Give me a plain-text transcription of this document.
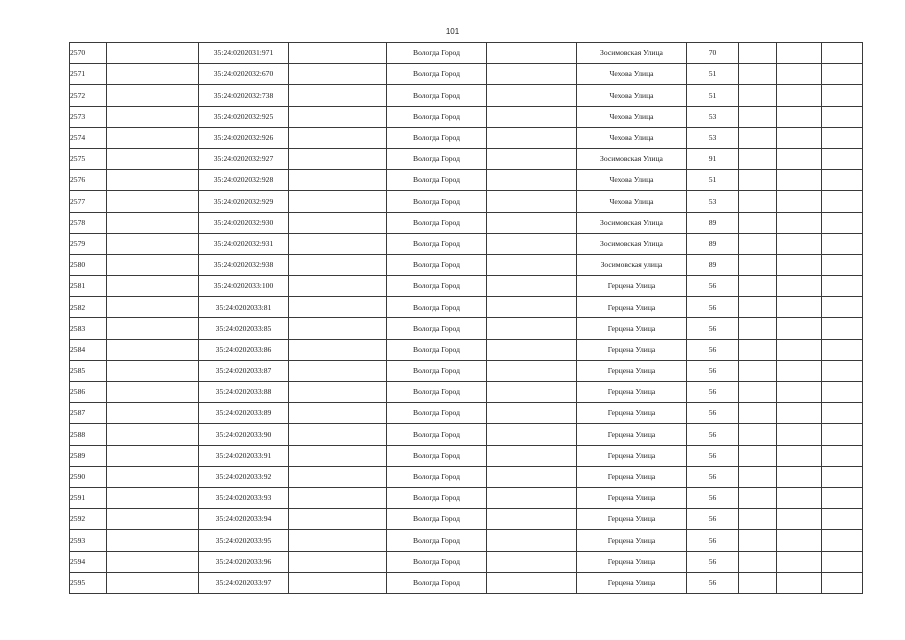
101
2570		35:24:0202031:971		Вологда Город		Зосимовская Улица	70			
2571		35:24:0202032:670		Вологда Город		Чехова Улица	51			
2572		35:24:0202032:738		Вологда Город		Чехова Улица	51			
2573		35:24:0202032:925		Вологда Город		Чехова Улица	53			
2574		35:24:0202032:926		Вологда Город		Чехова Улица	53			
2575		35:24:0202032:927		Вологда Город		Зосимовская Улица	91			
2576		35:24:0202032:928		Вологда Город		Чехова Улица	51			
2577		35:24:0202032:929		Вологда Город		Чехова Улица	53			
2578		35:24:0202032:930		Вологда Город		Зосимовская Улица	89			
2579		35:24:0202032:931		Вологда Город		Зосимовская Улица	89			
2580		35:24:0202032:938		Вологда Город		Зосимовская улица	89			
2581		35:24:0202033:100		Вологда Город		Герцена Улица	56			
2582		35:24:0202033:81		Вологда Город		Герцена Улица	56			
2583		35:24:0202033:85		Вологда Город		Герцена Улица	56			
2584		35:24:0202033:86		Вологда Город		Герцена Улица	56			
2585		35:24:0202033:87		Вологда Город		Герцена Улица	56			
2586		35:24:0202033:88		Вологда Город		Герцена Улица	56			
2587		35:24:0202033:89		Вологда Город		Герцена Улица	56			
2588		35:24:0202033:90		Вологда Город		Герцена Улица	56			
2589		35:24:0202033:91		Вологда Город		Герцена Улица	56			
2590		35:24:0202033:92		Вологда Город		Герцена Улица	56			
2591		35:24:0202033:93		Вологда Город		Герцена Улица	56			
2592		35:24:0202033:94		Вологда Город		Герцена Улица	56			
2593		35:24:0202033:95		Вологда Город		Герцена Улица	56			
2594		35:24:0202033:96		Вологда Город		Герцена Улица	56			
2595		35:24:0202033:97		Вологда Город		Герцена Улица	56			
